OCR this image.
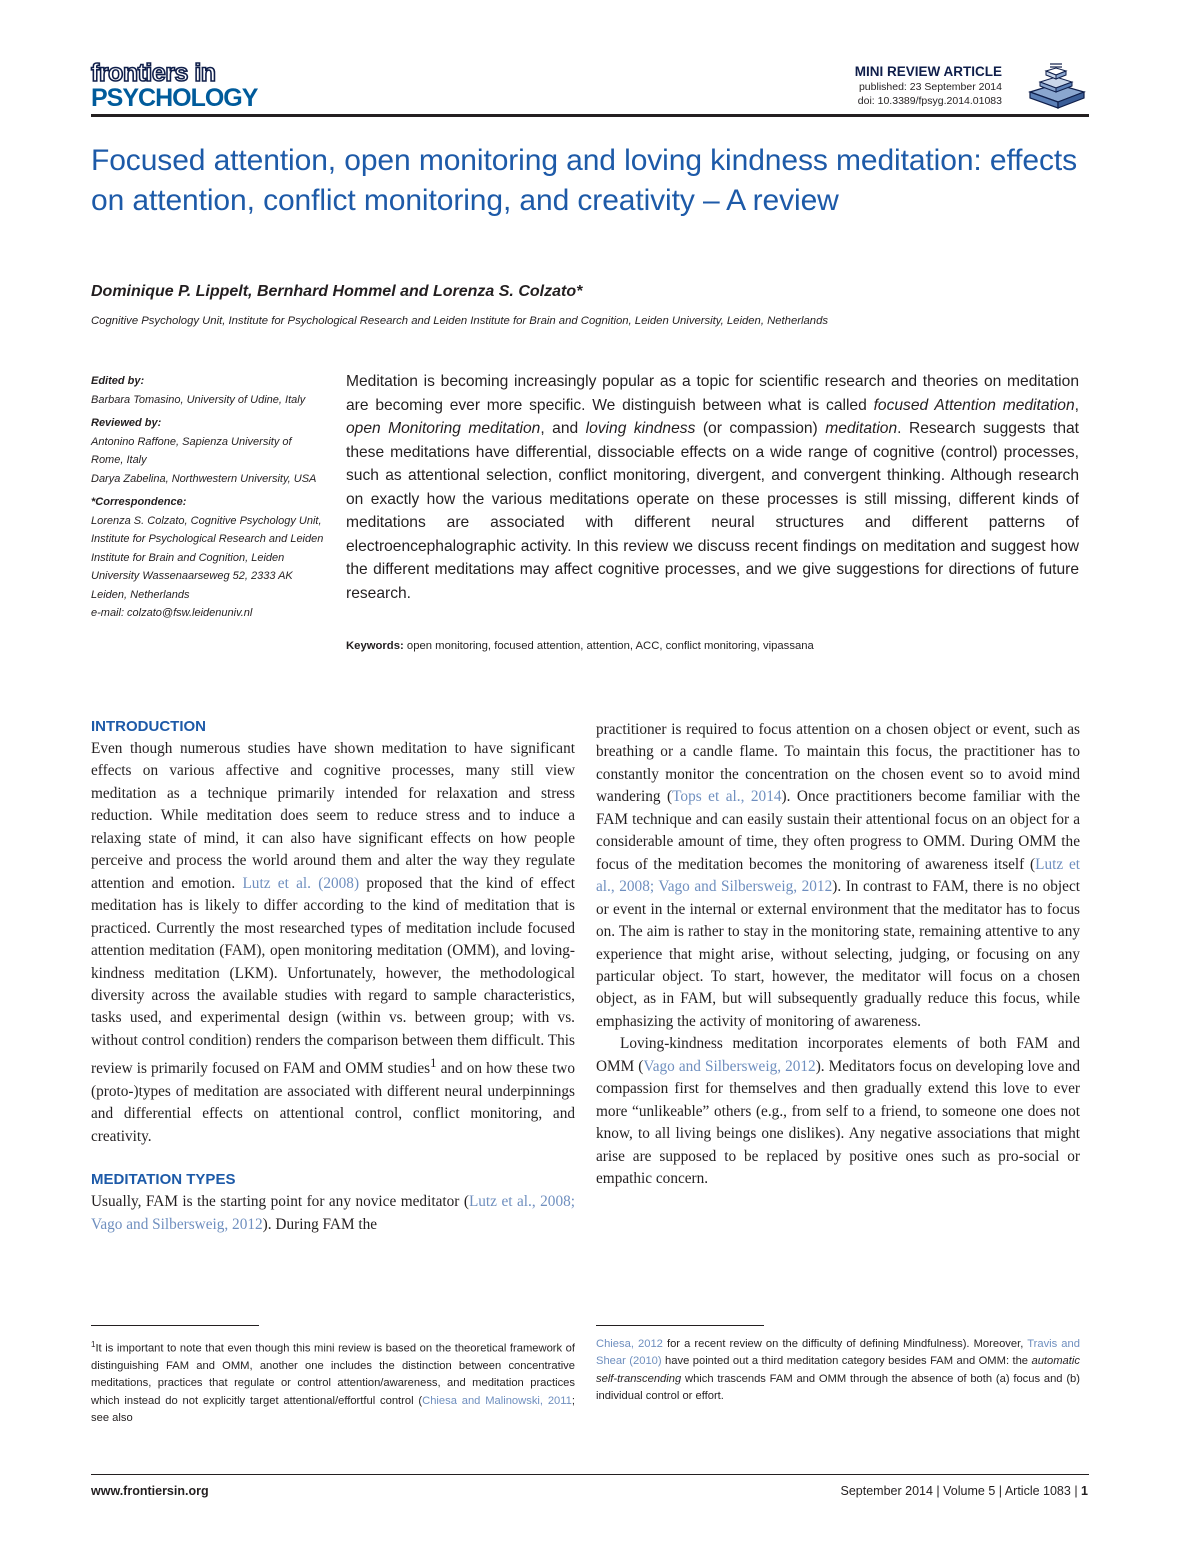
frontiers in
PSYCHOLOGY
MINI REVIEW ARTICLE
published: 23 September 2014
doi: 10.3389/fpsyg.2014.01083
Focused attention, open monitoring and loving kindness meditation: effects on attention, conflict monitoring, and creativity – A review
Dominique P. Lippelt, Bernhard Hommel and Lorenza S. Colzato*
Cognitive Psychology Unit, Institute for Psychological Research and Leiden Institute for Brain and Cognition, Leiden University, Leiden, Netherlands
Edited by:
Barbara Tomasino, University of Udine, Italy
Reviewed by:
Antonino Raffone, Sapienza University of Rome, Italy
Darya Zabelina, Northwestern University, USA
*Correspondence:
Lorenza S. Colzato, Cognitive Psychology Unit, Institute for Psychological Research and Leiden Institute for Brain and Cognition, Leiden University Wassenaarseweg 52, 2333 AK Leiden, Netherlands
e-mail: colzato@fsw.leidenuniv.nl
Meditation is becoming increasingly popular as a topic for scientific research and theories on meditation are becoming ever more specific. We distinguish between what is called focused Attention meditation, open Monitoring meditation, and loving kindness (or compassion) meditation. Research suggests that these meditations have differential, dissociable effects on a wide range of cognitive (control) processes, such as attentional selection, conflict monitoring, divergent, and convergent thinking. Although research on exactly how the various meditations operate on these processes is still missing, different kinds of meditations are associated with different neural structures and different patterns of electroencephalographic activity. In this review we discuss recent findings on meditation and suggest how the different meditations may affect cognitive processes, and we give suggestions for directions of future research.
Keywords: open monitoring, focused attention, attention, ACC, conflict monitoring, vipassana
INTRODUCTION

Even though numerous studies have shown meditation to have significant effects on various affective and cognitive processes, many still view meditation as a technique primarily intended for relaxation and stress reduction. While meditation does seem to reduce stress and to induce a relaxing state of mind, it can also have significant effects on how people perceive and process the world around them and alter the way they regulate attention and emotion. Lutz et al. (2008) proposed that the kind of effect meditation has is likely to differ according to the kind of meditation that is practiced. Currently the most researched types of meditation include focused attention meditation (FAM), open monitoring meditation (OMM), and loving-kindness meditation (LKM). Unfortunately, however, the methodological diversity across the available studies with regard to sample characteristics, tasks used, and experimental design (within vs. between group; with vs. without control condition) renders the comparison between them difficult. This review is primarily focused on FAM and OMM studies$^1$ and on how these two (proto-)types of meditation are associated with different neural underpinnings and differential effects on attentional control, conflict monitoring, and creativity.

MEDITATION TYPES

Usually, FAM is the starting point for any novice meditator (Lutz et al., 2008; Vago and Silbersweig, 2012). During FAM the

practitioner is required to focus attention on a chosen object or event, such as breathing or a candle flame. To maintain this focus, the practitioner has to constantly monitor the concentration on the chosen event so to avoid mind wandering (Tops et al., 2014). Once practitioners become familiar with the FAM technique and can easily sustain their attentional focus on an object for a considerable amount of time, they often progress to OMM. During OMM the focus of the meditation becomes the monitoring of awareness itself (Lutz et al., 2008; Vago and Silbersweig, 2012). In contrast to FAM, there is no object or event in the internal or external environment that the meditator has to focus on. The aim is rather to stay in the monitoring state, remaining attentive to any experience that might arise, without selecting, judging, or focusing on any particular object. To start, however, the meditator will focus on a chosen object, as in FAM, but will subsequently gradually reduce this focus, while emphasizing the activity of monitoring of awareness.

Loving-kindness meditation incorporates elements of both FAM and OMM (Vago and Silbersweig, 2012). Meditators focus on developing love and compassion first for themselves and then gradually extend this love to ever more “unlikeable” others (e.g., from self to a friend, to someone one does not know, to all living beings one dislikes). Any negative associations that might arise are supposed to be replaced by positive ones such as pro-social or empathic concern.

$^1$It is important to note that even though this mini review is based on the theoretical framework of distinguishing FAM and OMM, another one includes the distinction between concentrative meditations, practices that regulate or control attention/awareness, and meditation practices which instead do not explicitly target attentional/effortful control (Chiesa and Malinowski, 2011; see also
Chiesa, 2012 for a recent review on the difficulty of defining Mindfulness). Moreover, Travis and Shear (2010) have pointed out a third meditation category besides FAM and OMM: the automatic self-transcending which trascends FAM and OMM through the absence of both (a) focus and (b) individual control or effort.
www.frontiersin.org	September 2014 | Volume 5 | Article 1083 | 1
